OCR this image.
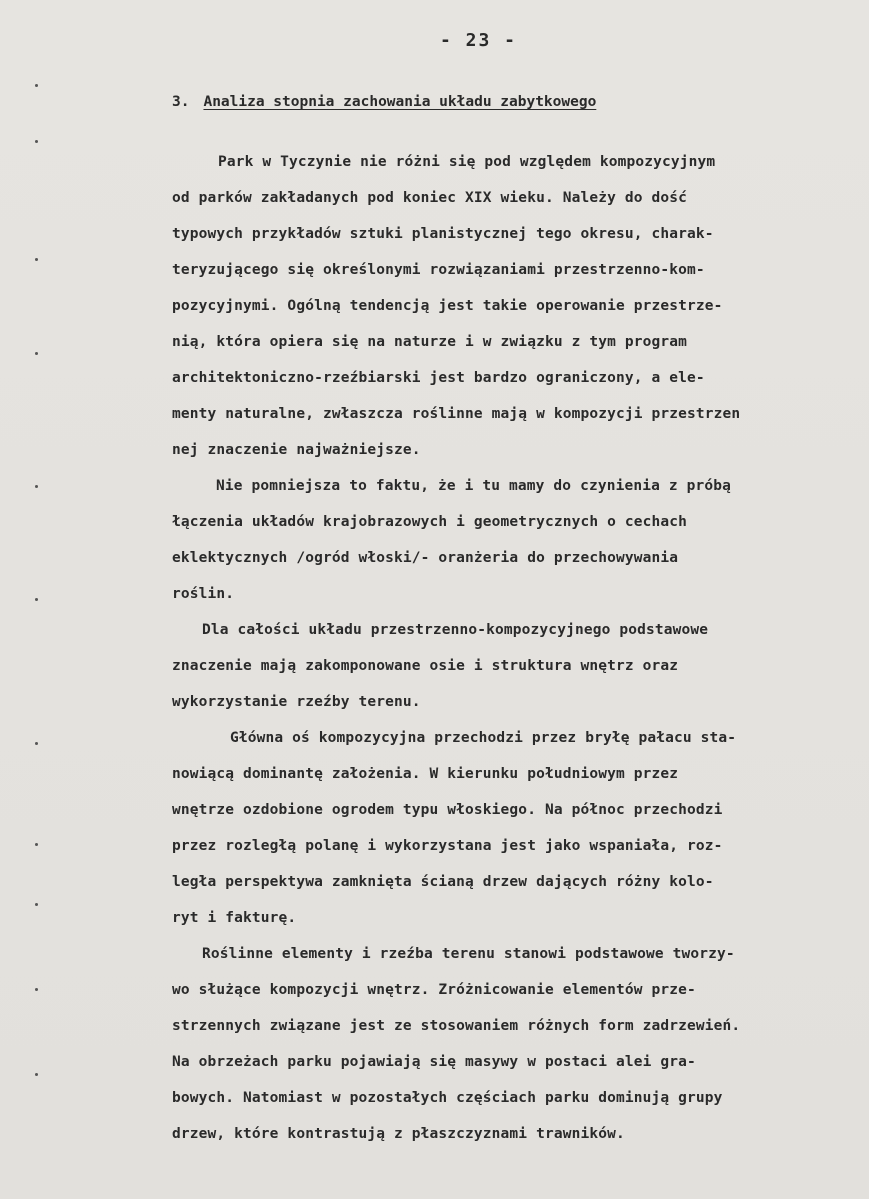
- 23 -
3. Analiza stopnia zachowania układu zabytkowego
Park w Tyczynie nie różni się pod względem kompozycyjnym
od parków zakładanych pod koniec XIX wieku. Należy do dość
typowych przykładów sztuki planistycznej tego okresu, charak-
teryzującego się określonymi rozwiązaniami przestrzenno-kom-
pozycyjnymi. Ogólną tendencją jest takie operowanie przestrze-
nią, która opiera się na naturze i w związku z tym program
architektoniczno-rzeźbiarski jest bardzo ograniczony, a ele-
menty naturalne, zwłaszcza roślinne mają w kompozycji przestrzen
nej znaczenie najważniejsze.
Nie pomniejsza to faktu, że i tu mamy do czynienia z próbą
łączenia układów krajobrazowych i geometrycznych o cechach
eklektycznych /ogród włoski/- oranżeria do przechowywania
roślin.
Dla całości układu przestrzenno-kompozycyjnego podstawowe
znaczenie mają zakomponowane osie i struktura wnętrz oraz
wykorzystanie rzeźby terenu.
Główna oś kompozycyjna przechodzi przez bryłę pałacu sta-
nowiącą dominantę założenia. W kierunku południowym przez
wnętrze ozdobione ogrodem typu włoskiego. Na północ przechodzi
przez rozległą polanę i wykorzystana jest jako wspaniała, roz-
legła perspektywa zamknięta ścianą drzew dających różny kolo-
ryt i fakturę.
Roślinne elementy i rzeźba terenu stanowi podstawowe tworzy-
wo służące kompozycji wnętrz. Zróżnicowanie elementów prze-
strzennych związane jest ze stosowaniem różnych form zadrzewień.
Na obrzeżach parku pojawiają się masywy w postaci alei gra-
bowych. Natomiast w pozostałych częściach parku dominują grupy
drzew, które kontrastują z płaszczyznami trawników.
